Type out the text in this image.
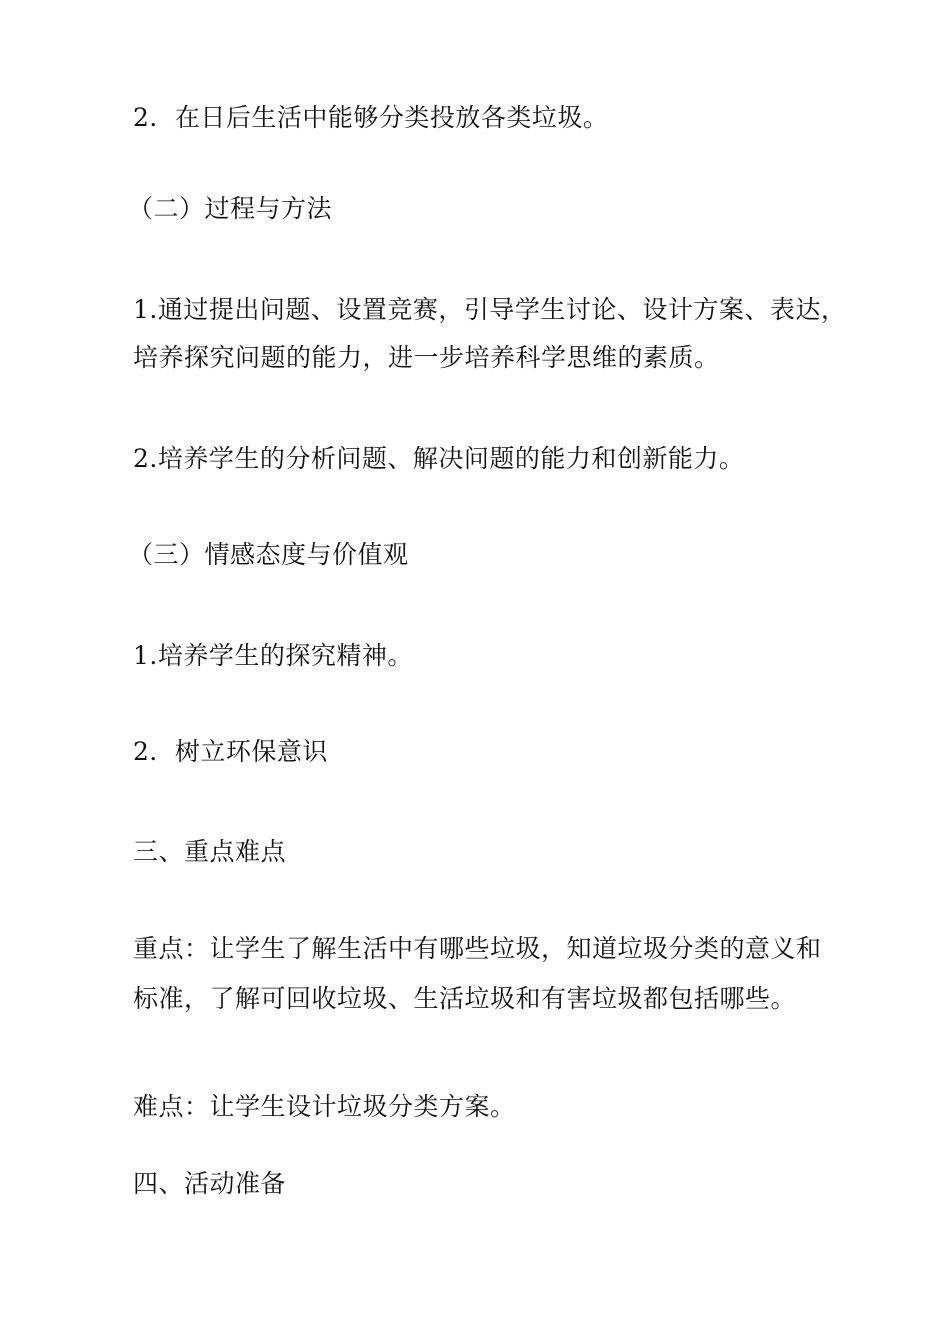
2．在日后生活中能够分类投放各类垃圾。
（二）过程与方法
1.通过提出问题、设置竞赛，引导学生讨论、设计方案、表达，
培养探究问题的能力，进一步培养科学思维的素质。
2.培养学生的分析问题、解决问题的能力和创新能力。
（三）情感态度与价值观
1.培养学生的探究精神。
2．树立环保意识
三、重点难点
重点：让学生了解生活中有哪些垃圾，知道垃圾分类的意义和
标准，了解可回收垃圾、生活垃圾和有害垃圾都包括哪些。
难点：让学生设计垃圾分类方案。
四、活动准备
